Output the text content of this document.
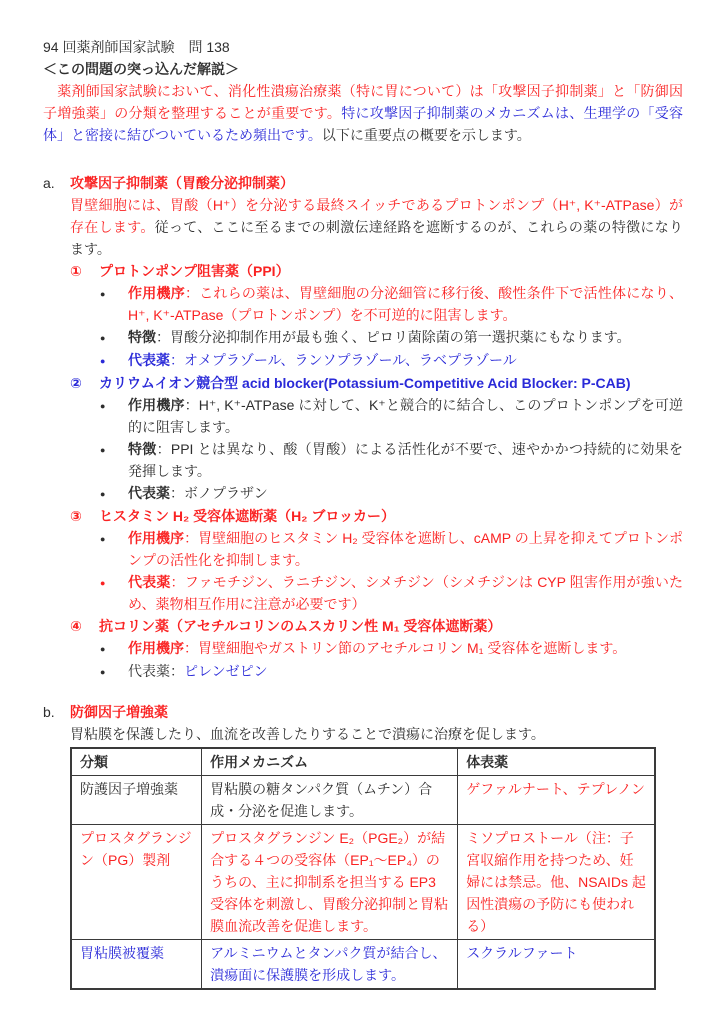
94 回薬剤師国家試験　問 138
＜この問題の突っ込んだ解説＞

　薬剤師国家試験において、消化性潰瘍治療薬（特に胃について）は「攻撃因子抑制薬」と「防御因子増強薬」の分類を整理することが重要です。特に攻撃因子抑制薬のメカニズムは、生理学の「受容体」と密接に結びついているため頻出です。以下に重要点の概要を示します。

a.	攻撃因子抑制薬（胃酸分泌抑制薬）

胃壁細胞には、胃酸（H⁺）を分泌する最終スイッチであるプロトンポンプ（H⁺, K⁺-ATPase）が存在します。従って、ここに至るまでの刺激伝達経路を遮断するのが、これらの薬の特徴になります。

①	プロトンポンプ阻害薬（PPI）
●	作用機序：これらの薬は、胃壁細胞の分泌細管に移行後、酸性条件下で活性体になり、H⁺, K⁺-ATPase（プロトンポンプ）を不可逆的に阻害します。
●	特徴：胃酸分泌抑制作用が最も強く、ピロリ菌除菌の第一選択薬にもなります。
●	代表薬：オメプラゾール、ランソプラゾール、ラベプラゾール
②	カリウムイオン競合型 acid blocker(Potassium-Competitive Acid Blocker: P-CAB)
●	作用機序：H⁺, K⁺-ATPase に対して、K⁺と競合的に結合し、このプロトンポンプを可逆的に阻害します。
●	特徴：PPI とは異なり、酸（胃酸）による活性化が不要で、速やかかつ持続的に効果を発揮します。
●	代表薬：ボノプラザン
③	ヒスタミン H₂ 受容体遮断薬（H₂ ブロッカー）
●	作用機序：胃壁細胞のヒスタミン H₂ 受容体を遮断し、cAMP の上昇を抑えてプロトンポンプの活性化を抑制します。
●	代表薬：ファモチジン、ラニチジン、シメチジン（シメチジンは CYP 阻害作用が強いため、薬物相互作用に注意が必要です）
④	抗コリン薬（アセチルコリンのムスカリン性 M₁ 受容体遮断薬）
●	作用機序：胃壁細胞やガストリン節のアセチルコリン M₁ 受容体を遮断します。
●	代表薬：ピレンゼピン
b.	防御因子増強薬

胃粘膜を保護したり、血流を改善したりすることで潰瘍に治療を促します。

分類	作用メカニズム	体表薬
防護因子増強薬	胃粘膜の糖タンパク質（ムチン）合成・分泌を促進します。	ゲファルナート、テプレノン
プロスタグランジン（PG）製剤	プロスタグランジン E₂（PGE₂）が結合する４つの受容体（EP₁～EP₄）のうちの、主に抑制系を担当する EP3 受容体を刺激し、胃酸分泌抑制と胃粘膜血流改善を促進します。	ミソプロストール（注：子宮収縮作用を持つため、妊婦には禁忌。他、NSAIDs 起因性潰瘍の予防にも使われる）
胃粘膜被覆薬	アルミニウムとタンパク質が結合し、潰瘍面に保護膜を形成します。	スクラルファート
